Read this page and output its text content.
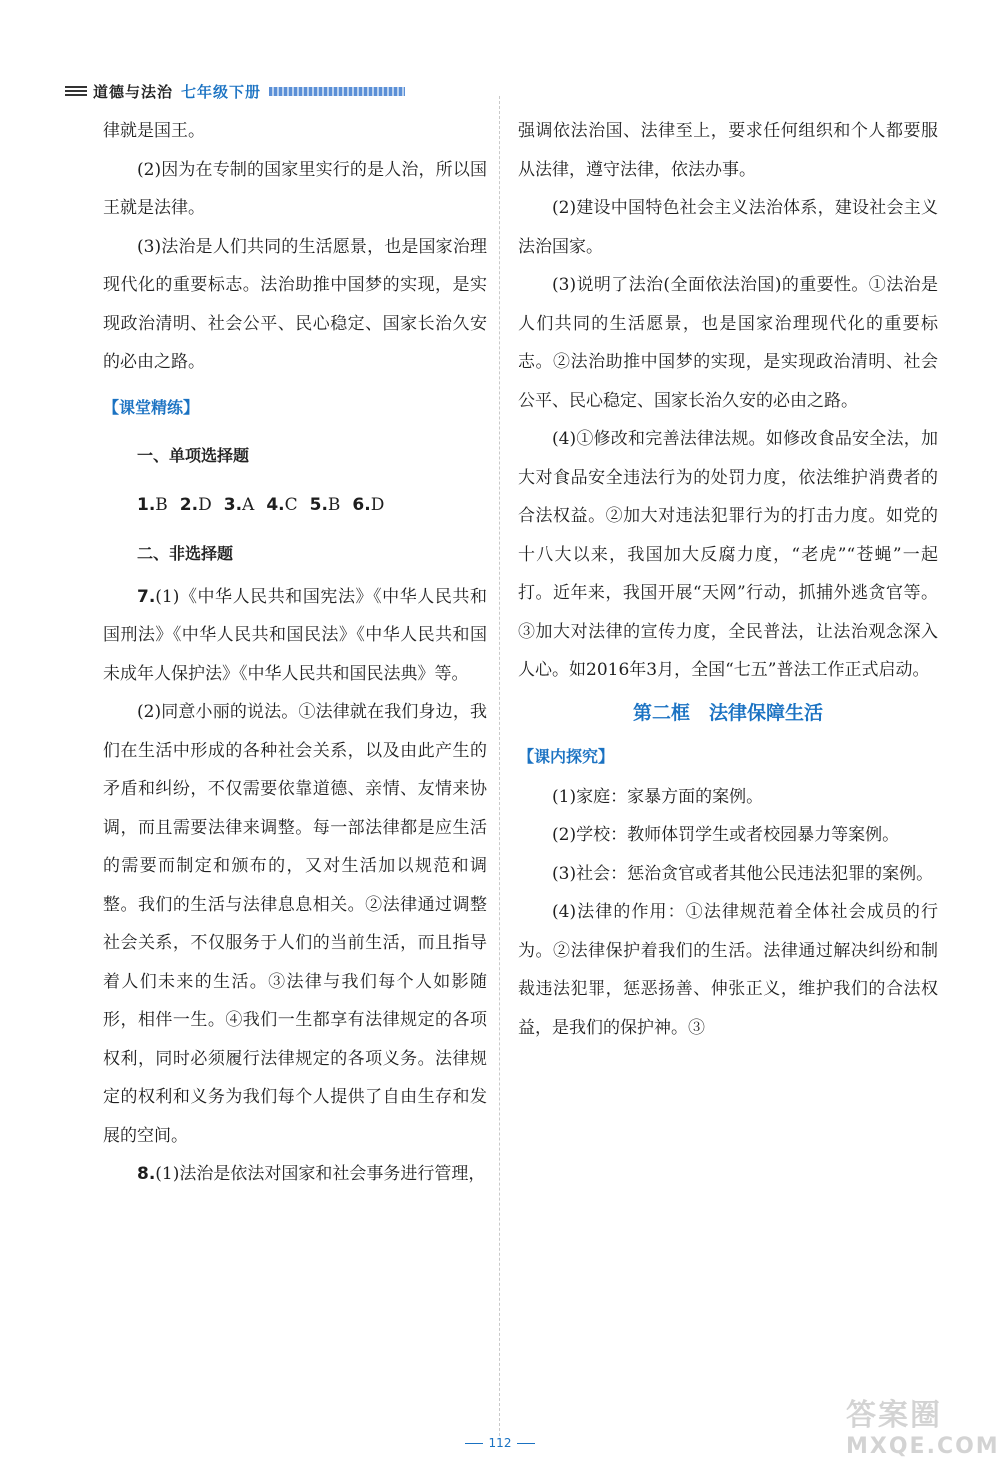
道德与法治 七年级下册

律就是国王。

(2)因为在专制的国家里实行的是人治，所以国王就是法律。

(3)法治是人们共同的生活愿景，也是国家治理现代化的重要标志。法治助推中国梦的实现，是实现政治清明、社会公平、民心稳定、国家长治久安的必由之路。

【课堂精练】

一、单项选择题

1.B 2.D 3.A 4.C 5.B 6.D

二、非选择题

7.(1)《中华人民共和国宪法》《中华人民共和国刑法》《中华人民共和国民法》《中华人民共和国未成年人保护法》《中华人民共和国民法典》等。

(2)同意小丽的说法。①法律就在我们身边，我们在生活中形成的各种社会关系，以及由此产生的矛盾和纠纷，不仅需要依靠道德、亲情、友情来协调，而且需要法律来调整。每一部法律都是应生活的需要而制定和颁布的，又对生活加以规范和调整。我们的生活与法律息息相关。②法律通过调整社会关系，不仅服务于人们的当前生活，而且指导着人们未来的生活。③法律与我们每个人如影随形，相伴一生。④我们一生都享有法律规定的各项权利，同时必须履行法律规定的各项义务。法律规定的权利和义务为我们每个人提供了自由生存和发展的空间。

8.(1)法治是依法对国家和社会事务进行管理，

强调依法治国、法律至上，要求任何组织和个人都要服从法律，遵守法律，依法办事。

(2)建设中国特色社会主义法治体系，建设社会主义法治国家。

(3)说明了法治(全面依法治国)的重要性。①法治是人们共同的生活愿景，也是国家治理现代化的重要标志。②法治助推中国梦的实现，是实现政治清明、社会公平、民心稳定、国家长治久安的必由之路。

(4)①修改和完善法律法规。如修改食品安全法，加大对食品安全违法行为的处罚力度，依法维护消费者的合法权益。②加大对违法犯罪行为的打击力度。如党的十八大以来，我国加大反腐力度，“老虎”“苍蝇”一起打。近年来，我国开展“天网”行动，抓捕外逃贪官等。③加大对法律的宣传力度，全民普法，让法治观念深入人心。如2016年3月，全国“七五”普法工作正式启动。

第二框　法律保障生活

【课内探究】

(1)家庭：家暴方面的案例。

(2)学校：教师体罚学生或者校园暴力等案例。

(3)社会：惩治贪官或者其他公民违法犯罪的案例。

(4)法律的作用：①法律规范着全体社会成员的行为。②法律保护着我们的生活。法律通过解决纠纷和制裁违法犯罪，惩恶扬善、伸张正义，维护我们的合法权益，是我们的保护神。③

112
答案圈
MXQE.COM
